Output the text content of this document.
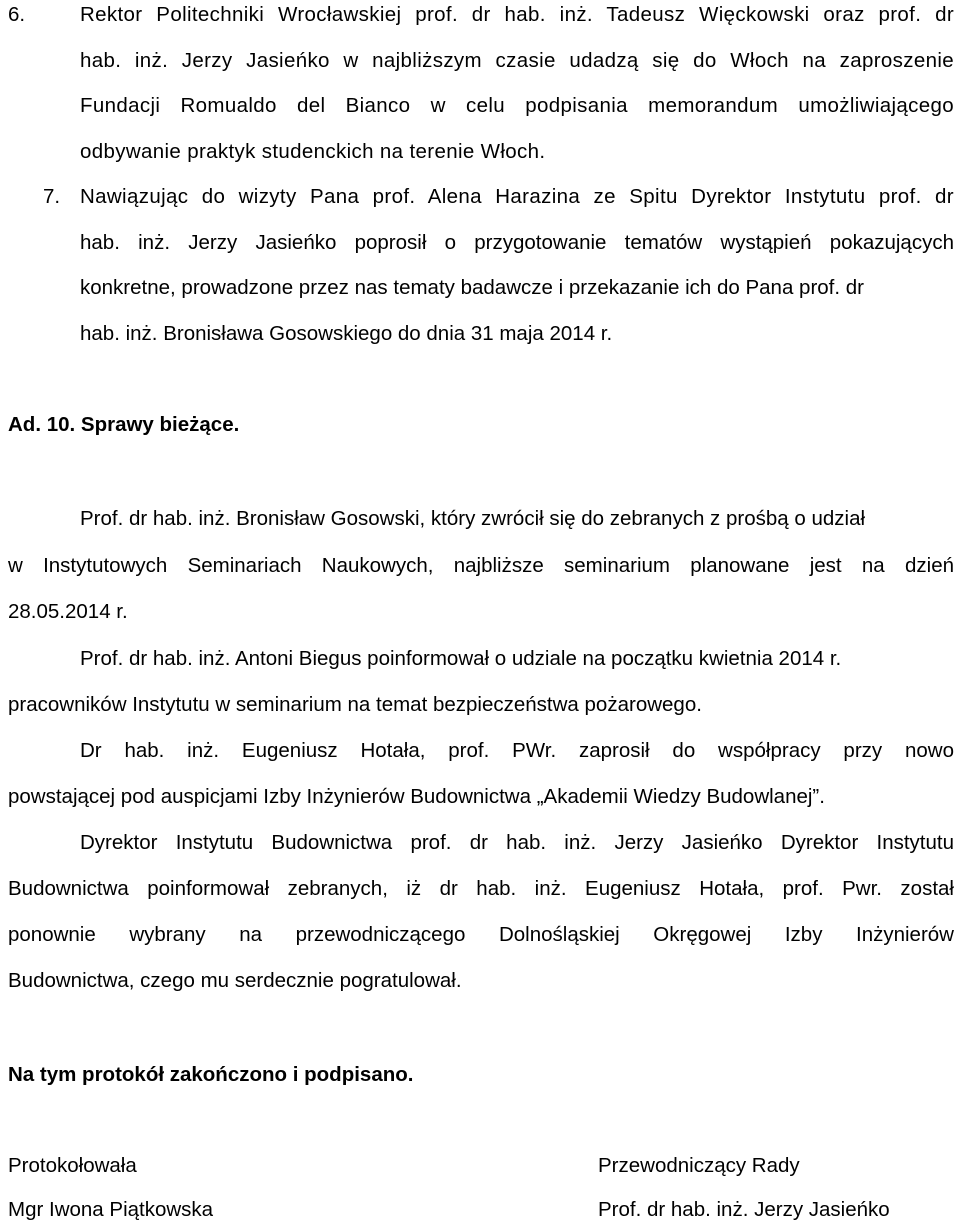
6.	Rektor Politechniki Wrocławskiej prof. dr hab. inż. Tadeusz Więckowski oraz prof. dr
hab. inż. Jerzy Jasieńko w najbliższym czasie udadzą się do Włoch na zaproszenie
Fundacji Romualdo del Bianco w celu podpisania memorandum umożliwiającego
odbywanie praktyk studenckich na terenie Włoch.
7. Nawiązując do wizyty Pana prof. Alena Harazina ze Spitu Dyrektor Instytutu prof. dr
hab. inż. Jerzy Jasieńko poprosił o przygotowanie tematów wystąpień pokazujących
konkretne, prowadzone przez nas tematy badawcze i przekazanie ich do Pana prof. dr
hab. inż. Bronisława Gosowskiego do dnia 31 maja 2014 r.
Ad. 10. Sprawy bieżące.
Prof. dr hab. inż. Bronisław Gosowski, który zwrócił się do zebranych z prośbą o udział
w Instytutowych Seminariach Naukowych, najbliższe seminarium planowane jest na dzień
28.05.2014 r.
Prof. dr hab. inż. Antoni Biegus poinformował o udziale na początku kwietnia 2014 r.
pracowników Instytutu w seminarium na temat bezpieczeństwa pożarowego.
Dr hab. inż. Eugeniusz Hotała, prof. PWr. zaprosił do współpracy przy nowo
powstającej pod auspicjami Izby Inżynierów Budownictwa „Akademii Wiedzy Budowlanej”.
Dyrektor Instytutu Budownictwa prof. dr hab. inż. Jerzy Jasieńko Dyrektor Instytutu
Budownictwa poinformował zebranych, iż dr hab. inż. Eugeniusz Hotała, prof. Pwr. został
ponownie wybrany na przewodniczącego Dolnośląskiej Okręgowej Izby Inżynierów
Budownictwa, czego mu serdecznie pogratulował.
Na tym protokół zakończono i podpisano.
Protokołowała
Mgr Iwona Piątkowska
Przewodniczący Rady
Prof. dr hab. inż. Jerzy Jasieńko
